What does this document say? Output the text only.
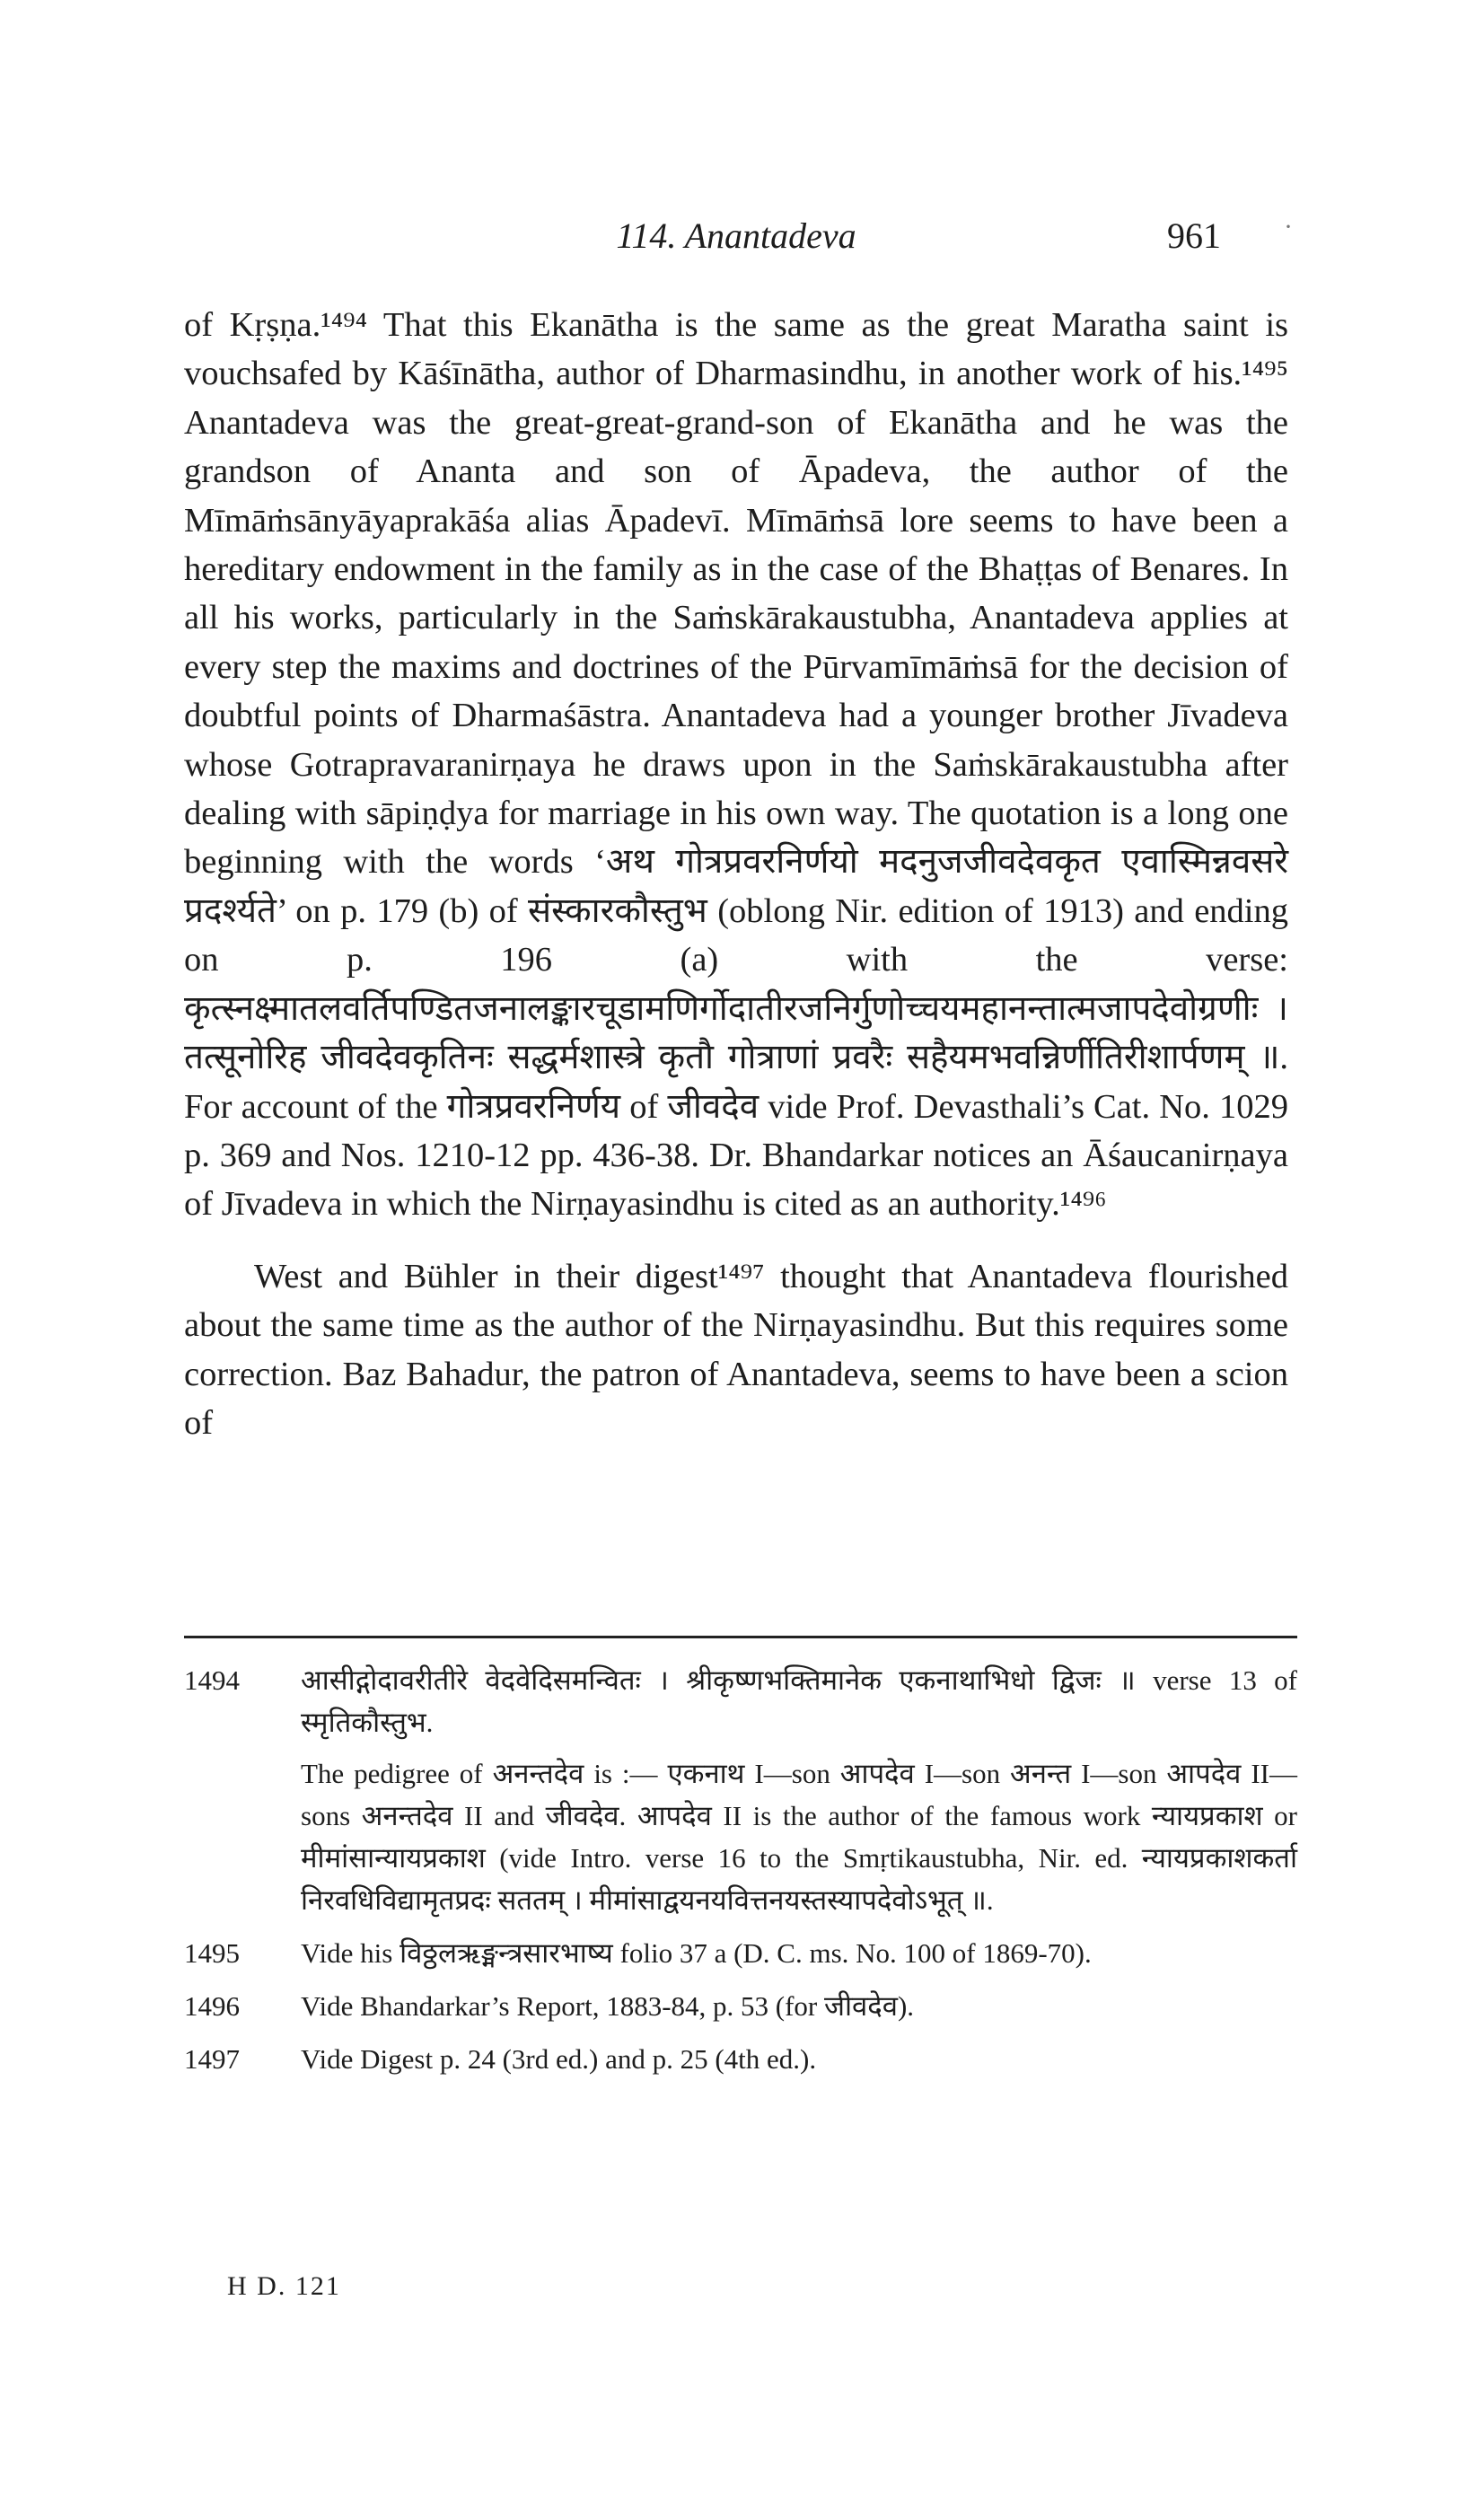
114. Anantadeva	961 ·

of Kṛṣṇa.¹⁴⁹⁴ That this Ekanātha is the same as the great Maratha saint is vouchsafed by Kāśīnātha, author of Dharmasindhu, in another work of his.¹⁴⁹⁵ Anantadeva was the great-great-grand-son of Ekanātha and he was the grandson of Ananta and son of Āpadeva, the author of the Mīmāṁsānyāyaprakāśa alias Āpadevī. Mīmāṁsā lore seems to have been a hereditary endowment in the family as in the case of the Bhaṭṭas of Benares. In all his works, particularly in the Saṁskārakaustubha, Anantadeva applies at every step the maxims and doctrines of the Pūrvamīmāṁsā for the decision of doubtful points of Dharmaśāstra. Anantadeva had a younger brother Jīvadeva whose Gotrapravaranirṇaya he draws upon in the Saṁskārakaustubha after dealing with sāpiṇḍya for marriage in his own way. The quotation is a long one beginning with the words ‘अथ गोत्रप्रवरनिर्णयो मदनुजजीवदेवकृत एवास्मिन्नवसरे प्रदर्श्यते’ on p. 179 (b) of संस्कारकौस्तुभ (oblong Nir. edition of 1913) and ending on p. 196 (a) with the verse: कृत्स्नक्ष्मातलवर्तिपण्डितजनालङ्कारचूडामणिर्गोदातीरजनिर्गुणोच्चयमहानन्तात्मजापदेवोग्रणीः । तत्सूनोरिह जीवदेवकृतिनः सद्धर्मशास्त्रे कृतौ गोत्राणां प्रवरैः सहैयमभवन्निर्णीतिरीशार्पणम् ॥. For account of the गोत्रप्रवरनिर्णय of जीवदेव vide Prof. Devasthali’s Cat. No. 1029 p. 369 and Nos. 1210-12 pp. 436-38. Dr. Bhandarkar notices an Āśaucanirṇaya of Jīvadeva in which the Nirṇayasindhu is cited as an authority.¹⁴⁹⁶

West and Bühler in their digest¹⁴⁹⁷ thought that Anantadeva flourished about the same time as the author of the Nirṇayasindhu. But this requires some correction. Baz Bahadur, the patron of Anantadeva, seems to have been a scion of

1494	आसीद्गोदावरीतीरे वेदवेदिसमन्वितः । श्रीकृष्णभक्तिमानेक एकनाथाभिधो द्विजः ॥ verse 13 of स्मृतिकौस्तुभ.

The pedigree of अनन्तदेव is :— एकनाथ I—son आपदेव I—son अनन्त I—son आपदेव II—sons अनन्तदेव II and जीवदेव. आपदेव II is the author of the famous work न्यायप्रकाश or मीमांसान्यायप्रकाश (vide Intro. verse 16 to the Smṛtikaustubha, Nir. ed. न्यायप्रकाशकर्ता निरवधिविद्यामृतप्रदः सततम् । मीमांसाद्वयनयवित्तनयस्तस्यापदेवोऽभूत् ॥.

1495	Vide his विठ्ठलऋङ्मन्त्रसारभाष्य folio 37 a (D. C. ms. No. 100 of 1869-70).

1496	Vide Bhandarkar’s Report, 1883-84, p. 53 (for जीवदेव).

1497	Vide Digest p. 24 (3rd ed.) and p. 25 (4th ed.).

H D. 121
